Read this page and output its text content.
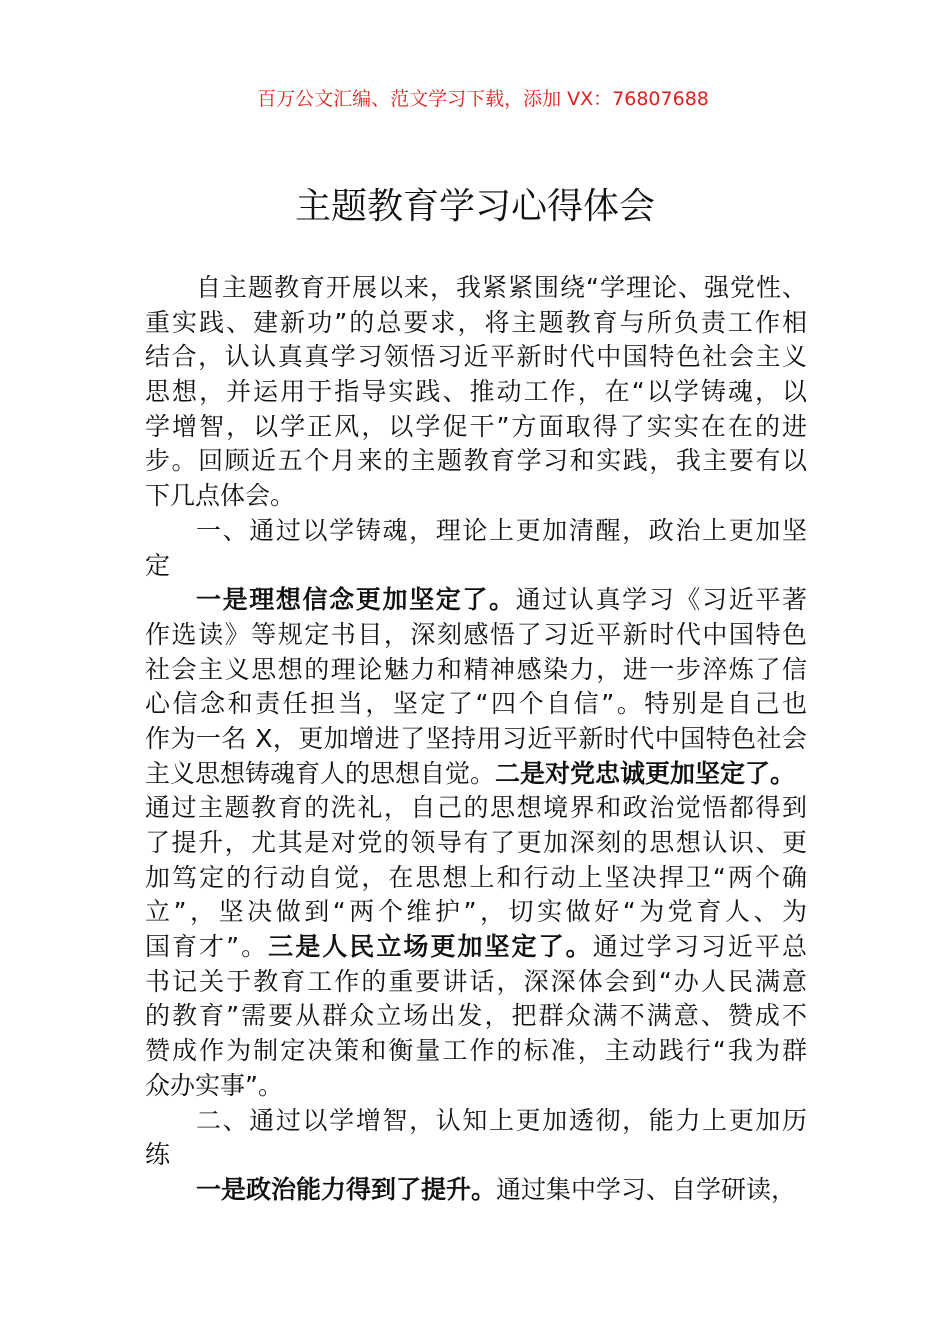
百万公文汇编、范文学习下载，添加 VX：76807688
主题教育学习心得体会
自主题教育开展以来，我紧紧围绕“学理论、强党性、
重实践、建新功”的总要求，将主题教育与所负责工作相
结合，认认真真学习领悟习近平新时代中国特色社会主义
思想，并运用于指导实践、推动工作，在“以学铸魂，以
学增智，以学正风，以学促干”方面取得了实实在在的进
步。回顾近五个月来的主题教育学习和实践，我主要有以
下几点体会。
一、通过以学铸魂，理论上更加清醒，政治上更加坚
定
一是理想信念更加坚定了。通过认真学习《习近平著
作选读》等规定书目，深刻感悟了习近平新时代中国特色
社会主义思想的理论魅力和精神感染力，进一步淬炼了信
心信念和责任担当，坚定了“四个自信”。特别是自己也
作为一名 X，更加增进了坚持用习近平新时代中国特色社会
主义思想铸魂育人的思想自觉。二是对党忠诚更加坚定了。
通过主题教育的洗礼，自己的思想境界和政治觉悟都得到
了提升，尤其是对党的领导有了更加深刻的思想认识、更
加笃定的行动自觉，在思想上和行动上坚决捍卫“两个确
立”，坚决做到“两个维护”，切实做好“为党育人、为
国育才”。三是人民立场更加坚定了。通过学习习近平总
书记关于教育工作的重要讲话，深深体会到“办人民满意
的教育”需要从群众立场出发，把群众满不满意、赞成不
赞成作为制定决策和衡量工作的标准，主动践行“我为群
众办实事”。
二、通过以学增智，认知上更加透彻，能力上更加历
练
一是政治能力得到了提升。通过集中学习、自学研读，
